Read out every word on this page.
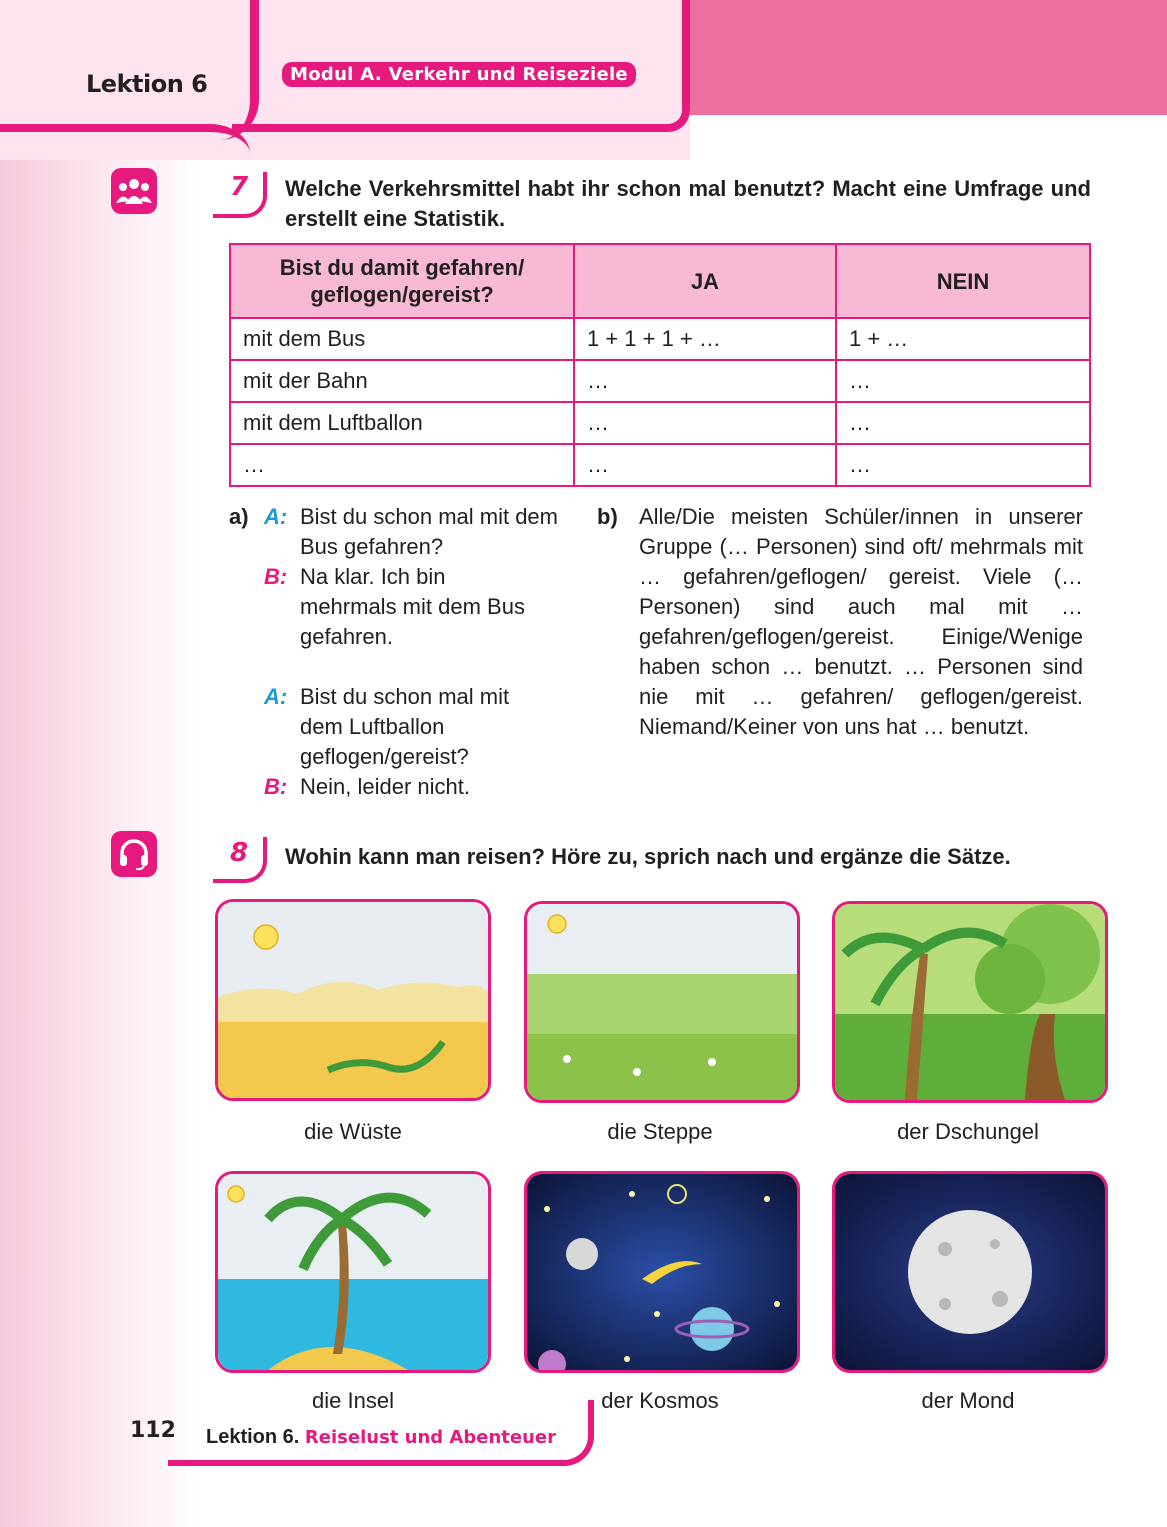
Lektion 6	Modul A. Verkehr und Reiseziele
7 Welche Verkehrsmittel habt ihr schon mal benutzt? Macht eine Umfrage und erstellt eine Statistik.
Bist du damit gefahren/ geflogen/gereist?	JA	NEIN
mit dem Bus	1 + 1 + 1 + …	1 + …
mit der Bahn	…	…
mit dem Luftballon	…	…
…	…	…
a) A: Bist du schon mal mit dem Bus gefahren?
B: Na klar. Ich bin mehrmals mit dem Bus gefahren.
A: Bist du schon mal mit dem Luftballon geflogen/gereist?
B: Nein, leider nicht.
b) Alle/Die meisten Schüler/innen in unserer Gruppe (… Personen) sind oft/ mehrmals mit … gefahren/geflogen/ gereist. Viele (… Personen) sind auch mal mit … gefahren/geflogen/gereist. Einige/Wenige haben schon … benutzt. … Personen sind nie mit … gefahren/ geflogen/gereist. Niemand/Keiner von uns hat … benutzt.
8 Wohin kann man reisen? Höre zu, sprich nach und ergänze die Sätze.
die Wüste	die Steppe	der Dschungel
die Insel	der Kosmos	der Mond
112 Lektion 6. Reiselust und Abenteuer
